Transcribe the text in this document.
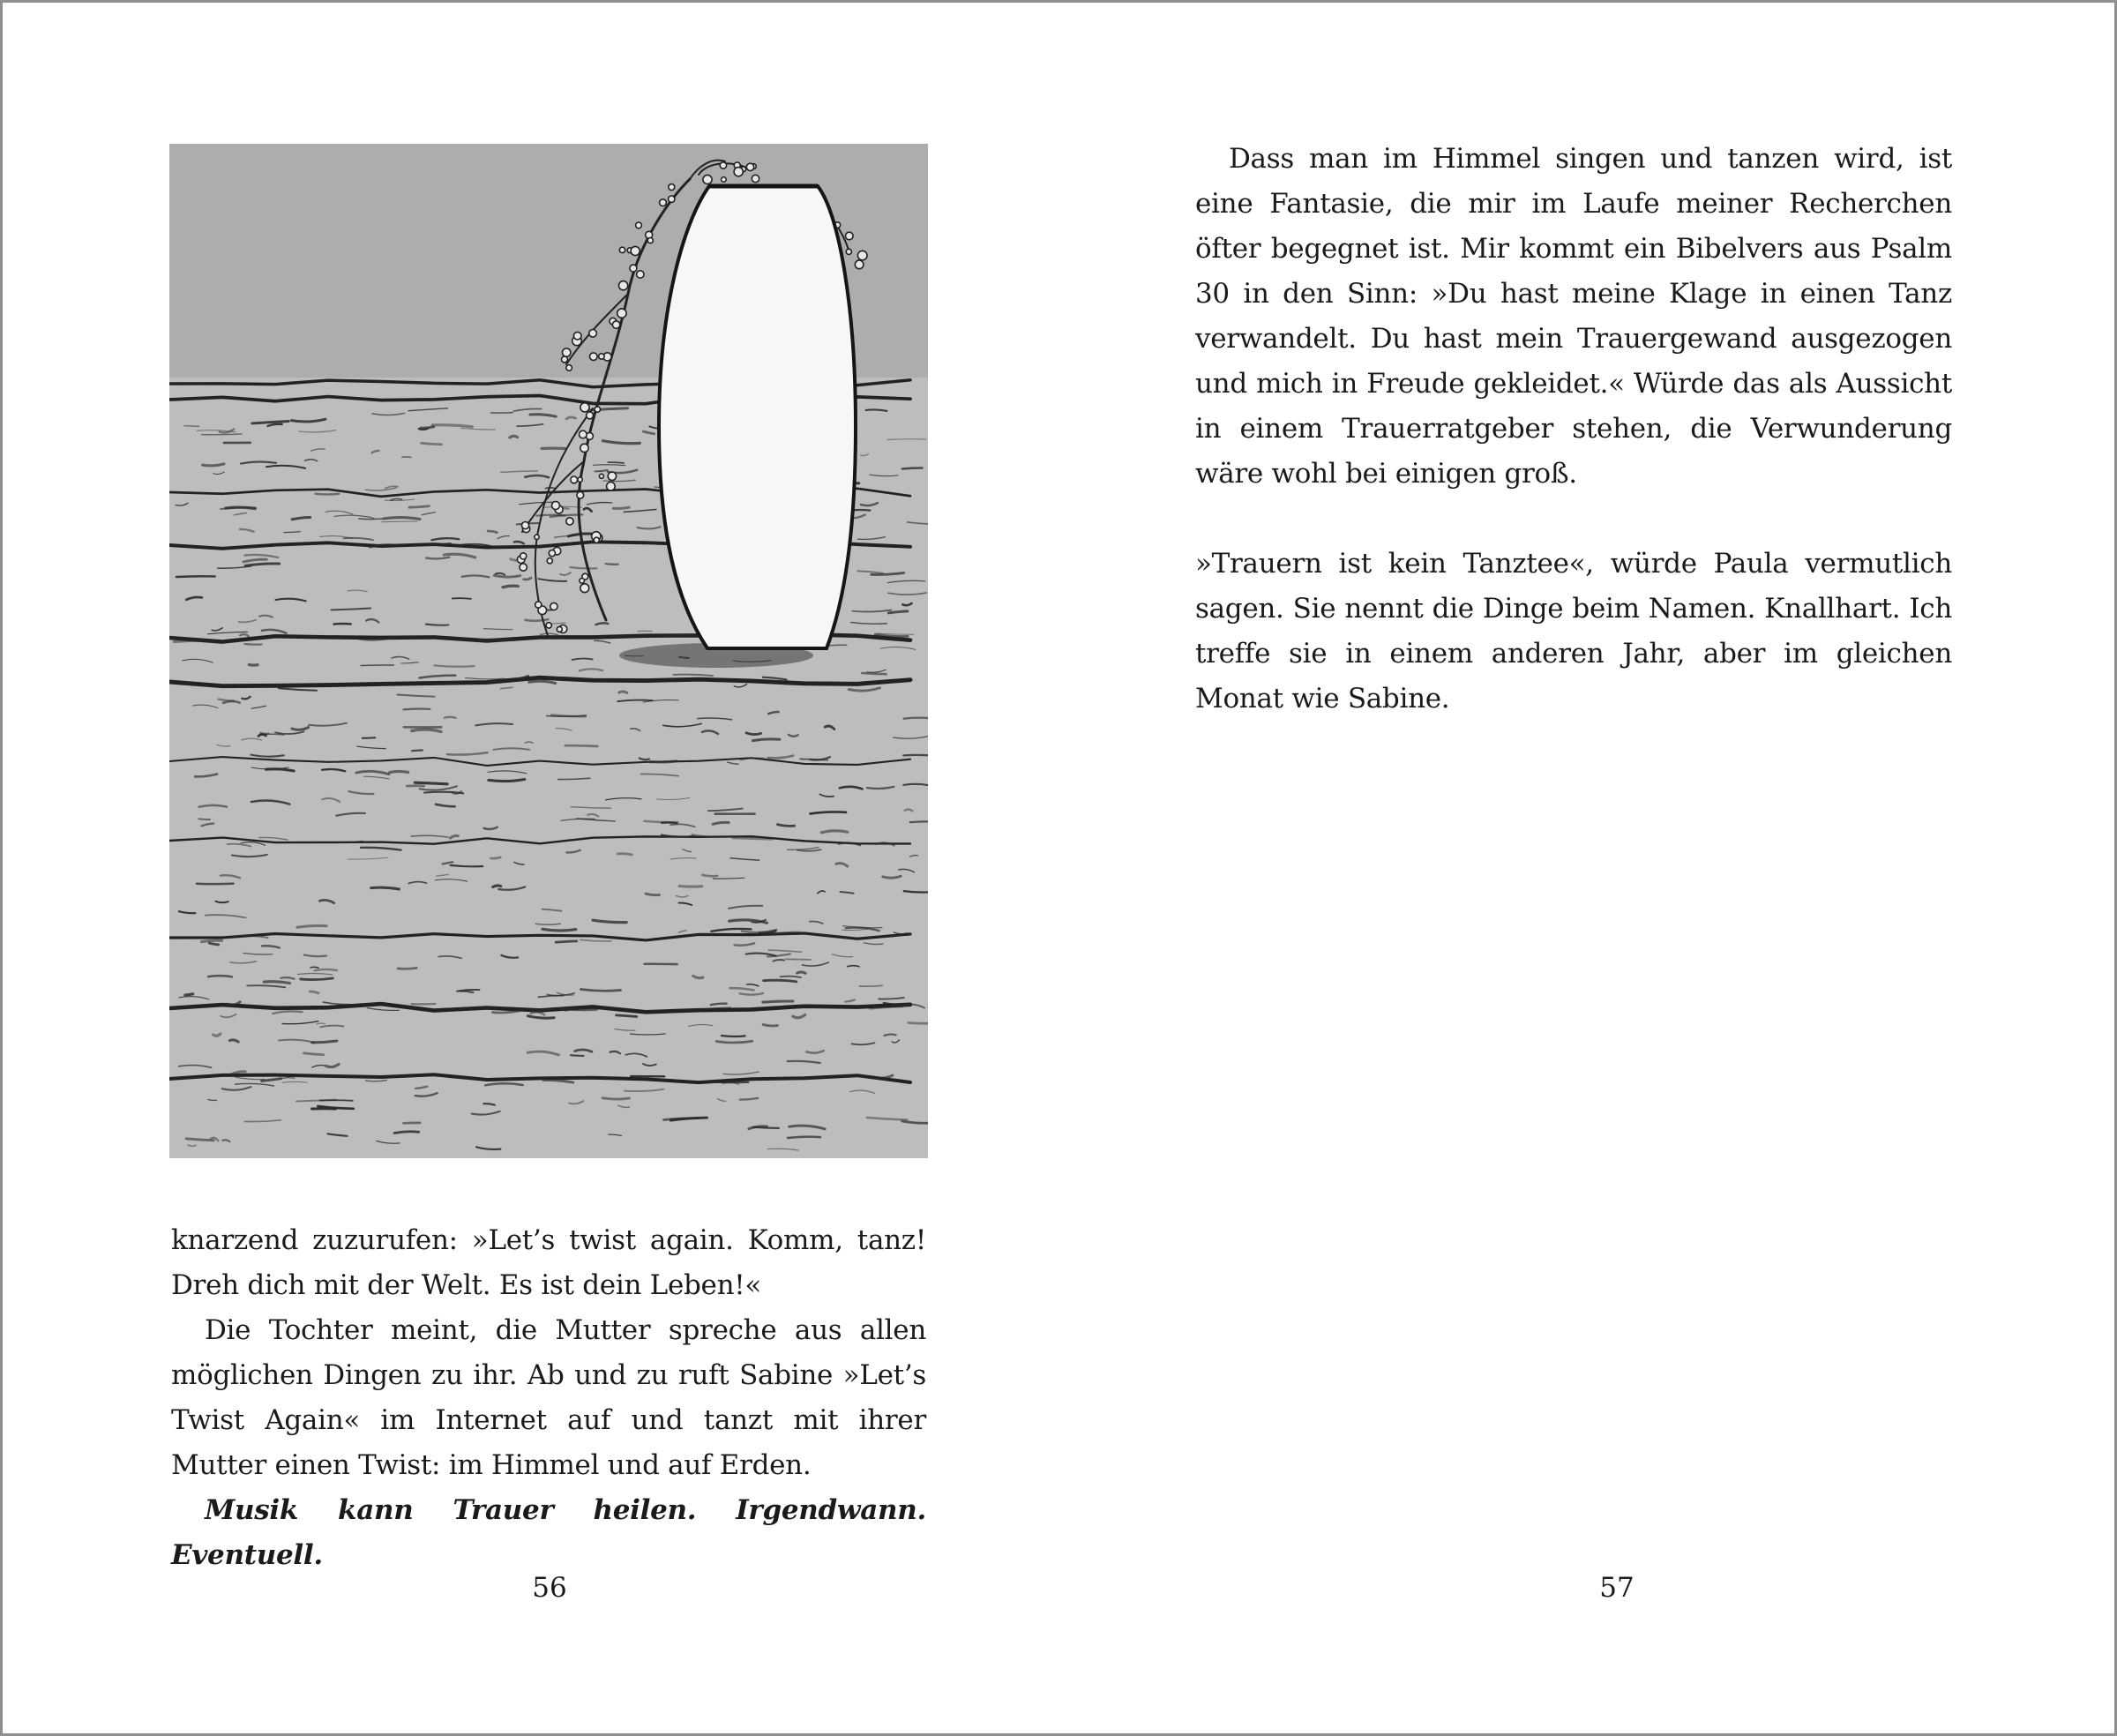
knarzend zuzurufen: »Let’s twist again. Komm, tanz! Dreh dich mit der Welt. Es ist dein Leben!«

Die Tochter meint, die Mutter spreche aus allen möglichen Dingen zu ihr. Ab und zu ruft Sabine »Let’s Twist Again« im Internet auf und tanzt mit ihrer Mutter einen Twist: im Himmel und auf Erden.

Musik kann Trauer heilen. Irgendwann. Eventuell.

56

Dass man im Himmel singen und tanzen wird, ist eine Fantasie, die mir im Laufe meiner Recherchen öfter begegnet ist. Mir kommt ein Bibelvers aus Psalm 30 in den Sinn: »Du hast meine Klage in einen Tanz verwandelt. Du hast mein Trauergewand ausgezogen und mich in Freude gekleidet.« Würde das als Aussicht in einem Trauerratgeber stehen, die Verwunderung wäre wohl bei einigen groß.

»Trauern ist kein Tanztee«, würde Paula vermutlich sagen. Sie nennt die Dinge beim Namen. Knallhart. Ich treffe sie in einem anderen Jahr, aber im gleichen Monat wie Sabine.

57
